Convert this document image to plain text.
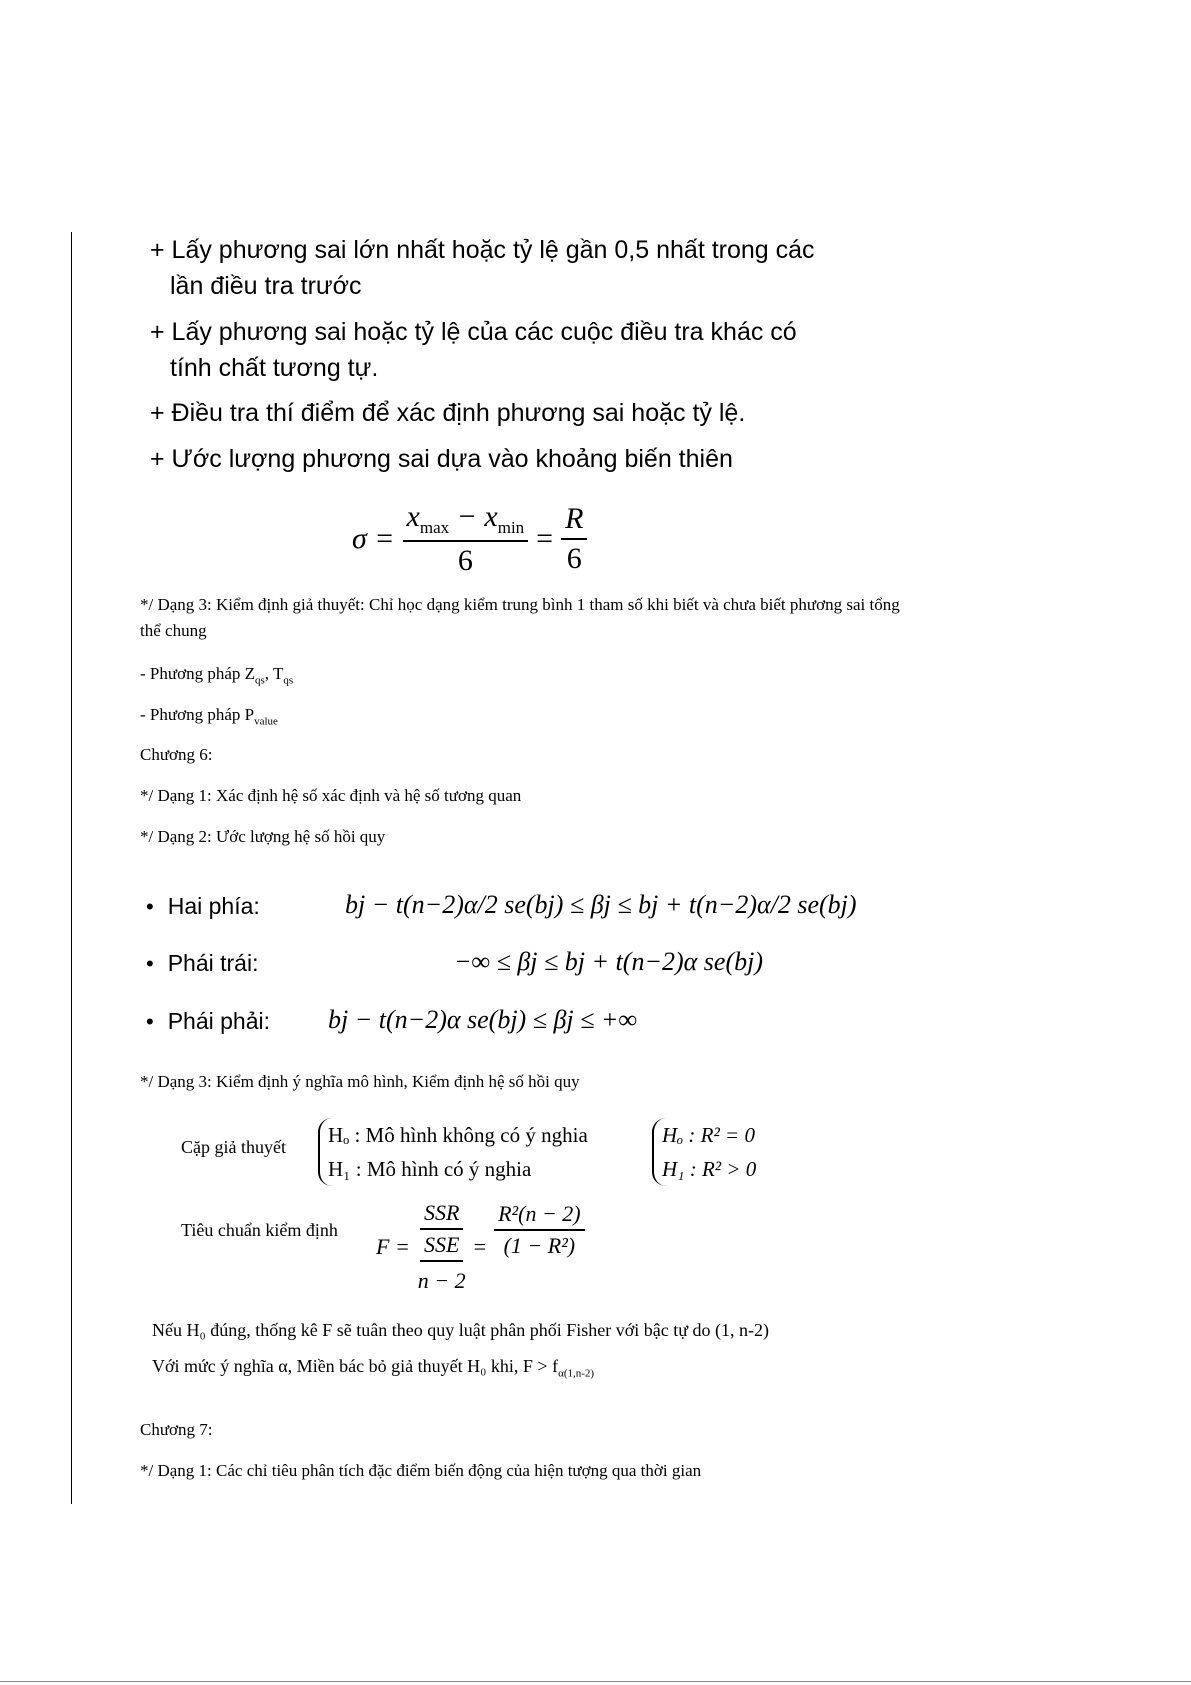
+ Lấy phương sai lớn nhất hoặc tỷ lệ gần 0,5 nhất trong các
lần điều tra trước
+ Lấy phương sai hoặc tỷ lệ của các cuộc điều tra khác có
tính chất tương tự.
+ Điều tra thí điểm để xác định phương sai hoặc tỷ lệ.
+ Ước lượng phương sai dựa vào khoảng biến thiên
$\sigma = \frac{x_{max} - x_{min}}{6} = \frac{R}{6}$
*/ Dạng 3: Kiểm định giả thuyết: Chỉ học dạng kiểm trung bình 1 tham số khi biết và chưa biết phương sai tổng
thể chung
- Phương pháp $Z_{qs}$, $T_{qs}$
- Phương pháp $P_{value}$
Chương 6:
*/ Dạng 1: Xác định hệ số xác định và hệ số tương quan
*/ Dạng 2: Ước lượng hệ số hồi quy
• Hai phía:	bj − t(n−2)α/2 se(bj) ≤ βj ≤ bj + t(n−2)α/2 se(bj)
• Phái trái:	−∞ ≤ βj ≤ bj + t(n−2)α se(bj)
• Phái phải: bj − t(n−2)α se(bj) ≤ βj ≤ +∞
*/ Dạng 3: Kiểm định ý nghĩa mô hình, Kiểm định hệ số hồi quy
Cặp giả thuyết Hₒ : Mô hình không có ý nghia
H₁ : Mô hình có ý nghia
Hₒ : R² = 0
H₁ : R² > 0
Tiêu chuẩn kiểm định
F = SSR
SSE
$n - 2 = \frac{\text{R²(n − 2)}}{\text{(1 − R²)}}$
Nếu H₀ đúng, thống kê F sẽ tuân theo quy luật phân phối Fisher với bậc tự do (1, n-2)
Với mức ý nghĩa α, Miền bác bỏ giả thuyết H₀ khi, $F > f_{\alpha(1,n-2)}$
Chương 7:
*/ Dạng 1: Các chỉ tiêu phân tích đặc điểm biến động của hiện tượng qua thời gian
